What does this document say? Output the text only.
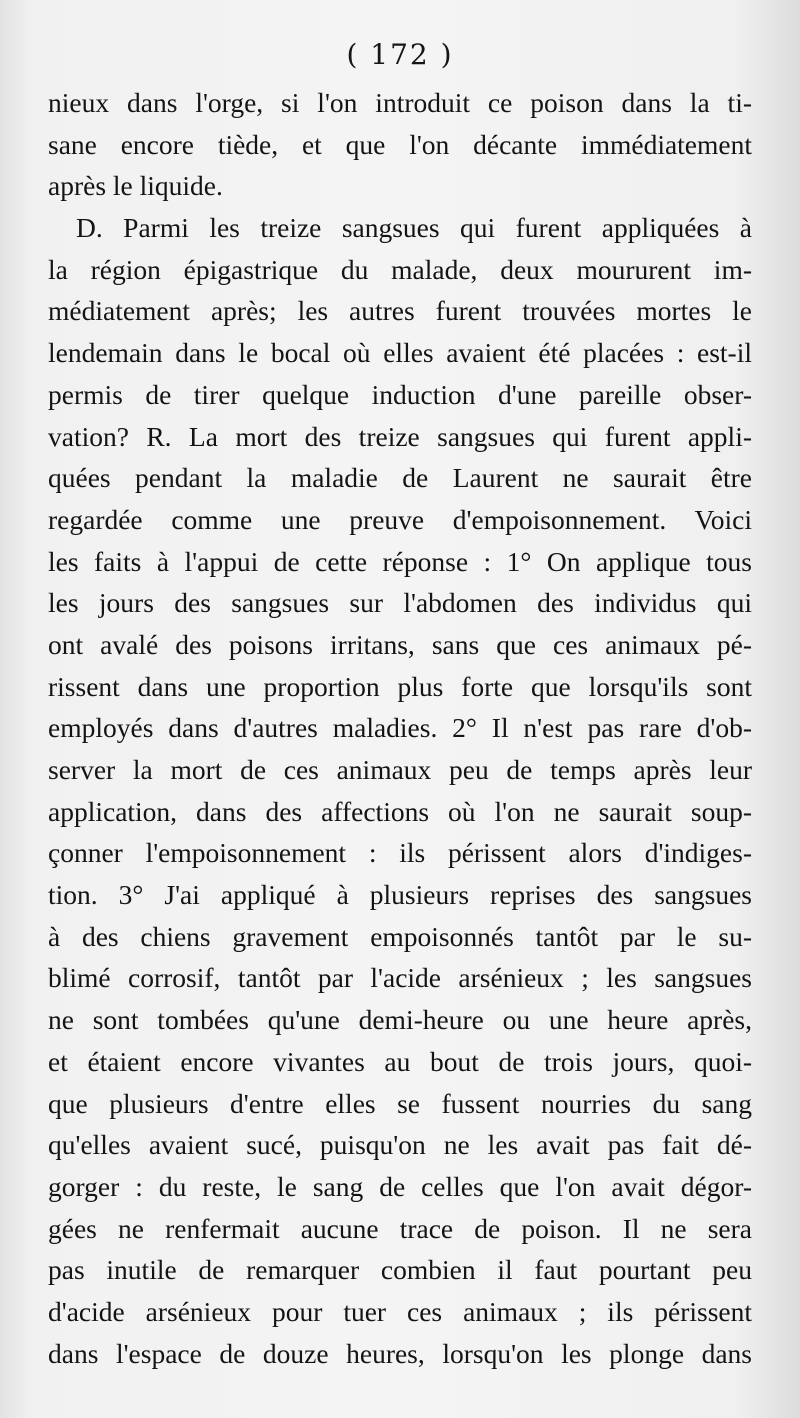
( 172 )
nieux dans l'orge, si l'on introduit ce poison dans la ti-
sane encore tiède, et que l'on décante immédiatement
après le liquide.
D. Parmi les treize sangsues qui furent appliquées à
la région épigastrique du malade, deux moururent im-
médiatement après; les autres furent trouvées mortes le
lendemain dans le bocal où elles avaient été placées : est-il
permis de tirer quelque induction d'une pareille obser-
vation? R. La mort des treize sangsues qui furent appli-
quées pendant la maladie de Laurent ne saurait être
regardée comme une preuve d'empoisonnement. Voici
les faits à l'appui de cette réponse : 1° On applique tous
les jours des sangsues sur l'abdomen des individus qui
ont avalé des poisons irritans, sans que ces animaux pé-
rissent dans une proportion plus forte que lorsqu'ils sont
employés dans d'autres maladies. 2° Il n'est pas rare d'ob-
server la mort de ces animaux peu de temps après leur
application, dans des affections où l'on ne saurait soup-
çonner l'empoisonnement : ils périssent alors d'indiges-
tion. 3° J'ai appliqué à plusieurs reprises des sangsues
à des chiens gravement empoisonnés tantôt par le su-
blimé corrosif, tantôt par l'acide arsénieux ; les sangsues
ne sont tombées qu'une demi-heure ou une heure après,
et étaient encore vivantes au bout de trois jours, quoi-
que plusieurs d'entre elles se fussent nourries du sang
qu'elles avaient sucé, puisqu'on ne les avait pas fait dé-
gorger : du reste, le sang de celles que l'on avait dégor-
gées ne renfermait aucune trace de poison. Il ne sera
pas inutile de remarquer combien il faut pourtant peu
d'acide arsénieux pour tuer ces animaux ; ils périssent
dans l'espace de douze heures, lorsqu'on les plonge dans
